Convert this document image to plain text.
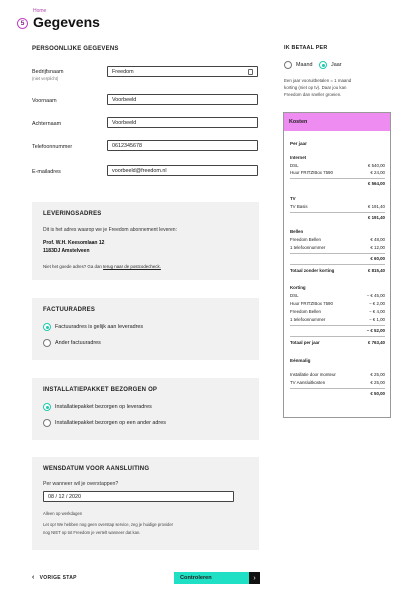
Home
5 Gegevens
PERSOONLIJKE GEGEVENS
Bedrijfsnaam
(niet verplicht)
Freedom
Voornaam	Voorbeeld
Achternaam	Voorbeeld
Telefoonnummer	0612345678
E-mailadres	voorbeeld@freedom.nl
LEVERINGSADRES
Dit is het adres waarop we je Freedom abonnement leveren:
Prof. W.H. Keesomlaan 12
1183DJ Amstelveen
Niet het goede adres? Ga dan terug naar de postcodecheck.
FACTUURADRES
Factuuradres is gelijk aan leveradres
Ander factuuradres
INSTALLATIEPAKKET BEZORGEN OP
Installatiepakket bezorgen op leveradres
Installatiepakket bezorgen op een ander adres
WENSDATUM VOOR AANSLUITING
Per wanneer wil je overstappen?
08 / 12 / 2020
Alleen op werkdagen
Let op! We hebben nog geen overstap service, zeg je huidige provider
nog NIET op tot Freedom je vertelt wanneer dat kan.
IK BETAAL PER
Maand	Jaar
Een jaar vooruitbetalen = 1 maand
korting (niet op tv). Daar jou kan
Freedom dan sneller groeien.
Kosten
Per jaar
Internet
DSL	€ 540,00
Huur FRITZ!Box 7590	€ 24,00
€ 564,00
TV
TV Basis	€ 191,40
€ 191,40
Bellen
Freedom Bellen	€ 48,00
1 telefoonnummer	€ 12,00
€ 60,00
Totaal zonder korting	€ 815,40
Korting
DSL	− € 45,00
Huur FRITZ!Box 7590	− € 2,00
Freedom Bellen	− € 4,00
1 telefoonnummer	− € 1,00
− € 52,00
Totaal per jaar	€ 763,40
Eénmalig
Installatie door monteur	€ 25,00
TV Aansluitkosten	€ 25,00
€ 50,00
‹ VORIGE STAP	Controleren	›
